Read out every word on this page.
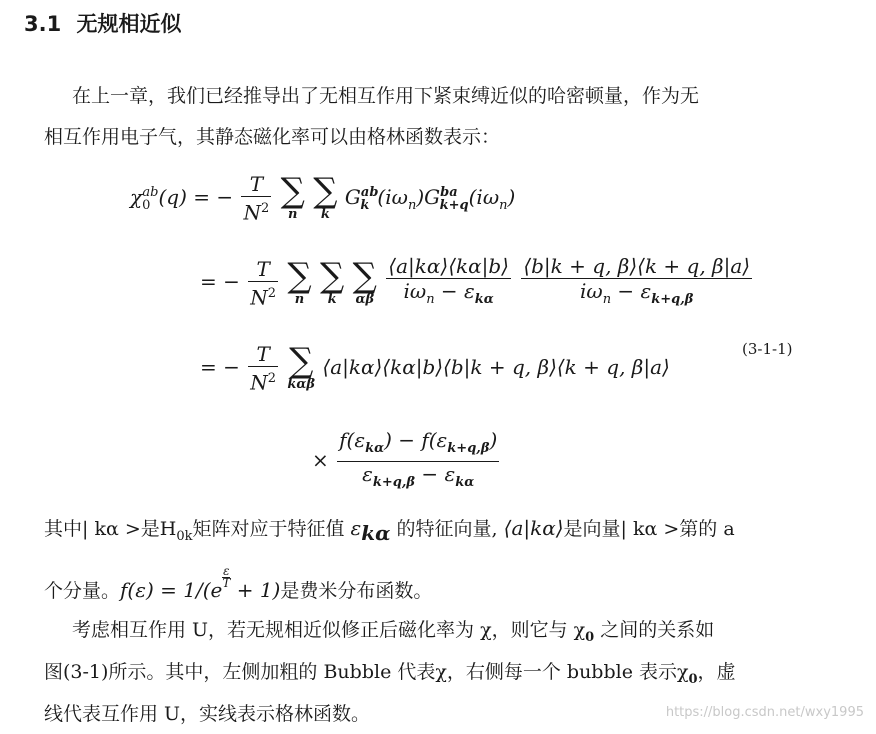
3.1 无规相近似
在上一章，我们已经推导出了无相互作用下紧束缚近似的哈密顿量，作为无
相互作用电子气，其静态磁化率可以由格林函数表示：
$\chi_0^{ab}(q)$ = − $\frac{T}{N^2}$
∑
n

∑
k
$G^{ab}_k$ $(i\omega_n)G^{ba}_{k+q}(i\omega_n)$
= − $\frac{T}{N^2}$
∑
n

∑
k

∑
αβ
$\frac{⟨a|k\alpha⟩⟨k\alpha|b⟩}{i\omega_n - \varepsilon_{k\alpha}}$
$\frac{⟨b|k + q, \beta⟩⟨k + q, \beta|a⟩}{i\omega_n - \varepsilon_{k+q,\beta}}$
= − $\frac{T}{N^2}$
∑
kαβ
⟨a|kα⟩⟨kα|b⟩⟨b|k + q, β⟩⟨k + q, β|a⟩
(3-1-1)
× $\frac{f(\varepsilon_{k\alpha}) - f(\varepsilon_{k+q,\beta})}{\varepsilon_{k+q,\beta} - \varepsilon_{k\alpha}}$
其中| kα >是$H_{0k}$矩阵对应于特征值 $\varepsilon_{k\alpha}$ 的特征向量, ⟨a|kα⟩是向量| kα >第的 a
个分量。f(ε) = 1/(e
$^{\frac{\varepsilon}{T}}$
+ 1)是费米分布函数。
考虑相互作用 U，若无规相近似修正后磁化率为 χ，则它与 $\chi_0$ 之间的关系如
图(3-1)所示。其中，左侧加粗的 Bubble 代表χ，右侧每一个 bubble 表示$\chi_0$，虚
线代表互作用 U，实线表示格林函数。	https://blog.csdn.net/wxy1995
